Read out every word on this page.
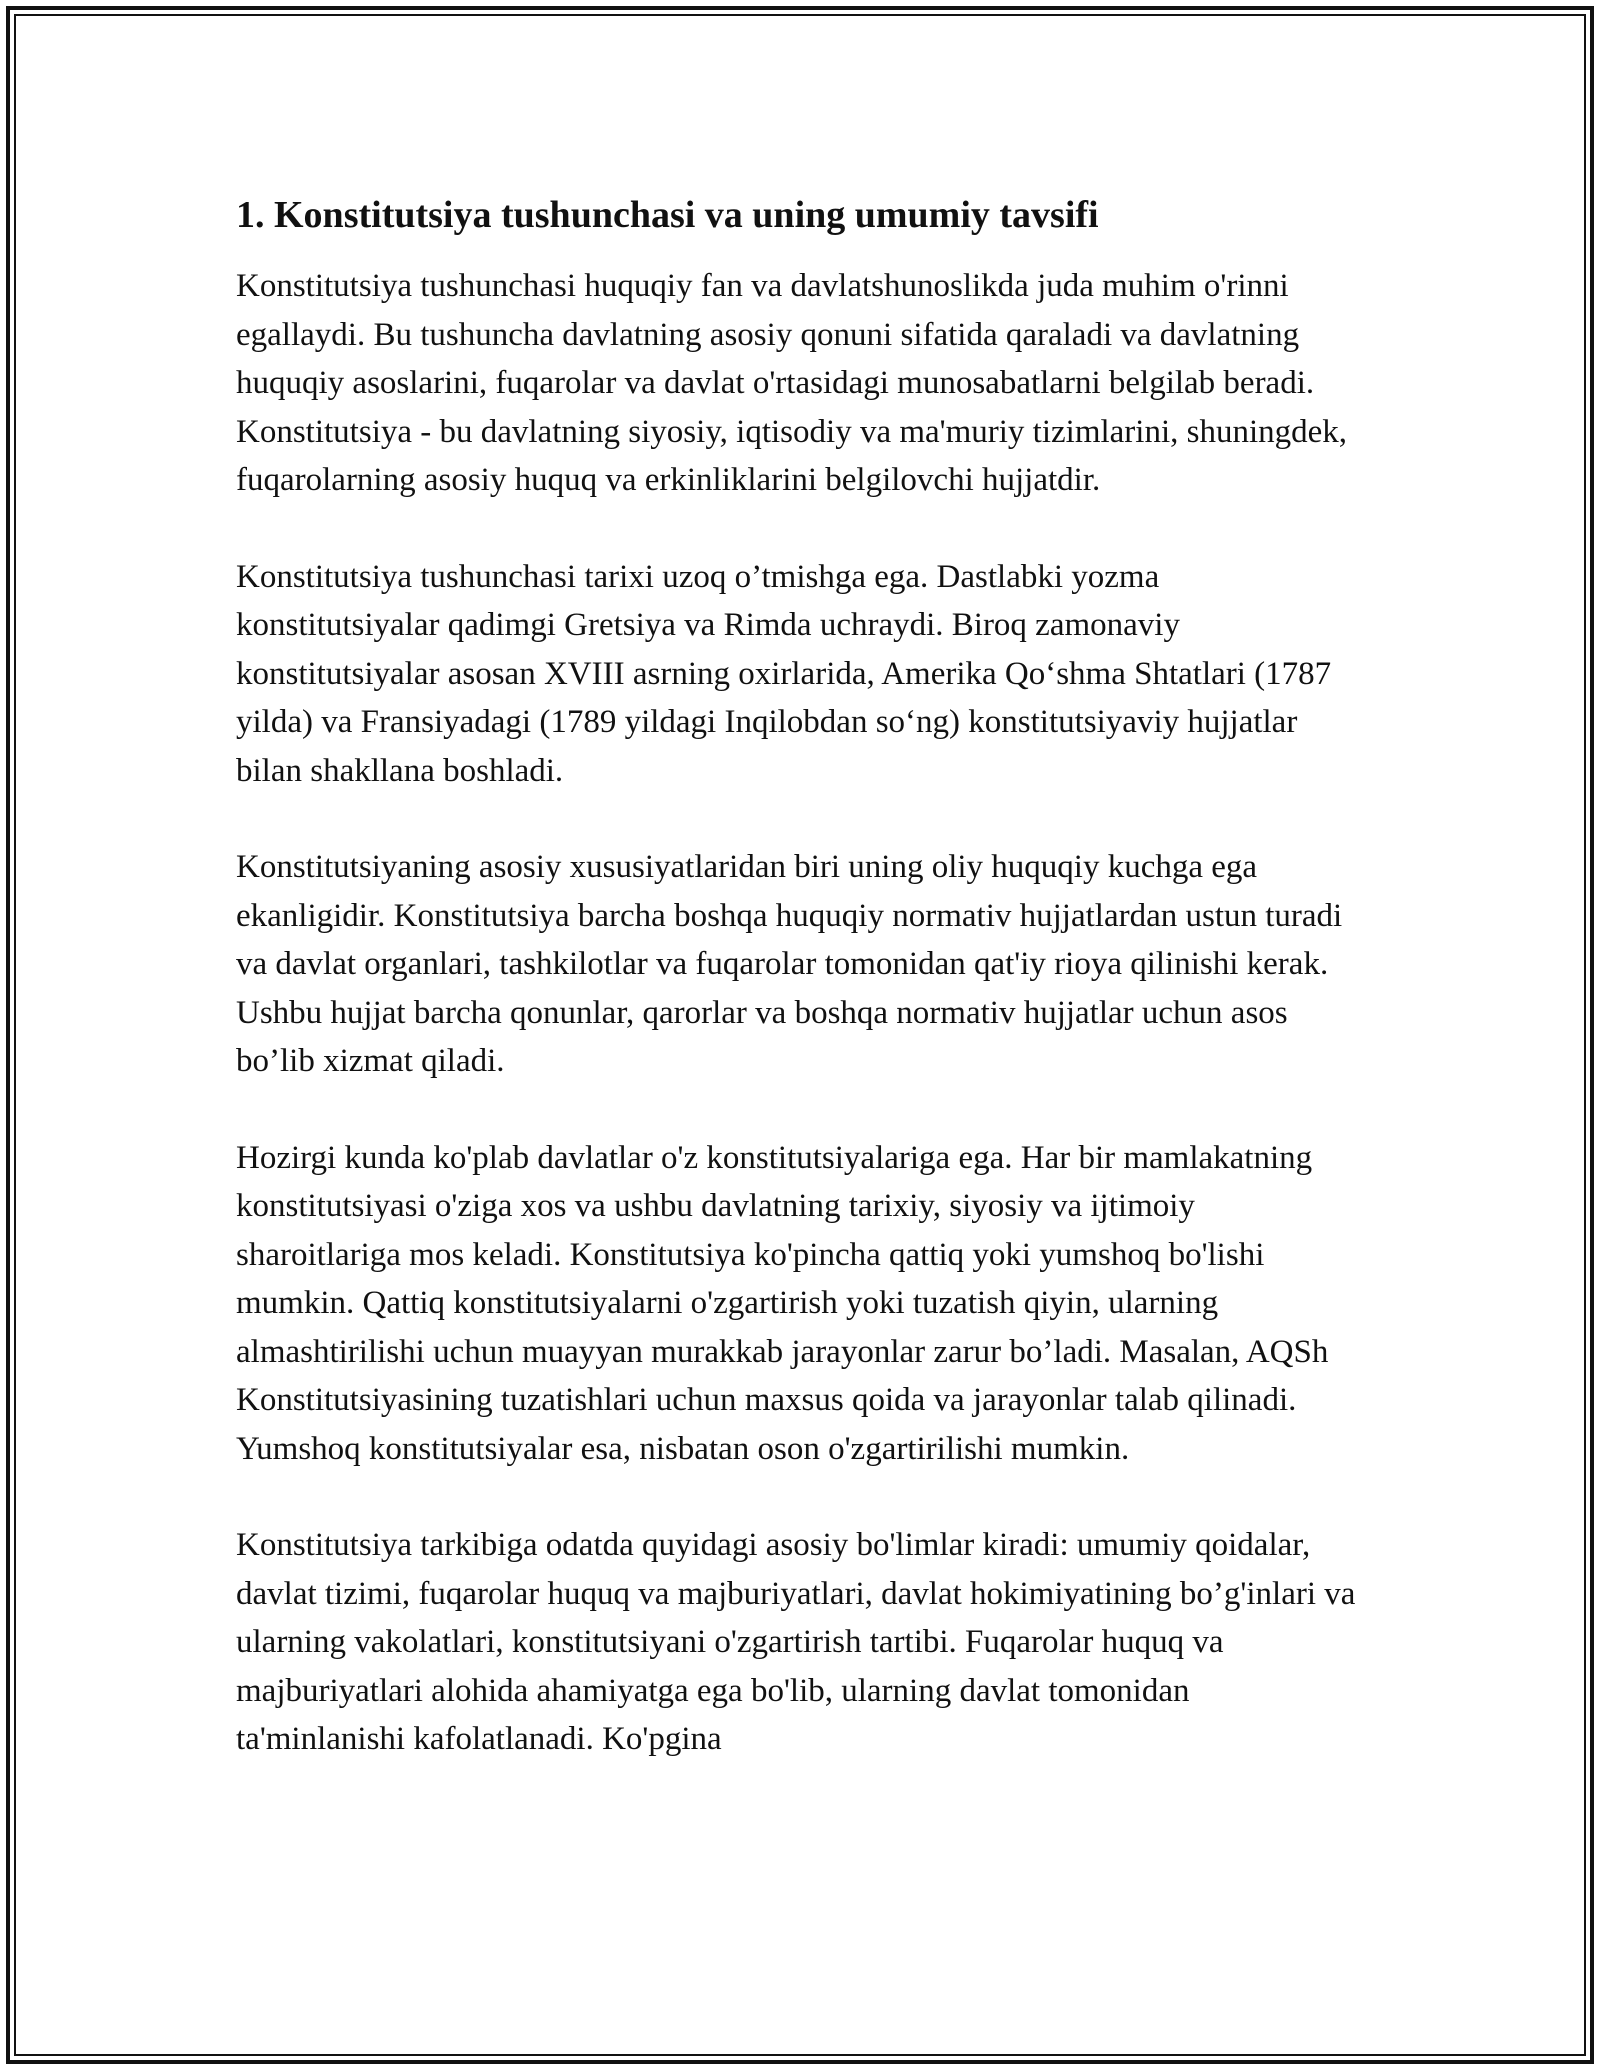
1. Konstitutsiya tushunchasi va uning umumiy tavsifi

Konstitutsiya tushunchasi huquqiy fan va davlatshunoslikda juda muhim o'rinni egallaydi. Bu tushuncha davlatning asosiy qonuni sifatida qaraladi va davlatning huquqiy asoslarini, fuqarolar va davlat o'rtasidagi munosabatlarni belgilab beradi. Konstitutsiya - bu davlatning siyosiy, iqtisodiy va ma'muriy tizimlarini, shuningdek, fuqarolarning asosiy huquq va erkinliklarini belgilovchi hujjatdir.

Konstitutsiya tushunchasi tarixi uzoq o’tmishga ega. Dastlabki yozma konstitutsiyalar qadimgi Gretsiya va Rimda uchraydi. Biroq zamonaviy konstitutsiyalar asosan XVIII asrning oxirlarida, Amerika Qo‘shma Shtatlari (1787 yilda) va Fransiyadagi (1789 yildagi Inqilobdan so‘ng) konstitutsiyaviy hujjatlar bilan shakllana boshladi.

Konstitutsiyaning asosiy xususiyatlaridan biri uning oliy huquqiy kuchga ega ekanligidir. Konstitutsiya barcha boshqa huquqiy normativ hujjatlardan ustun turadi va davlat organlari, tashkilotlar va fuqarolar tomonidan qat'iy rioya qilinishi kerak. Ushbu hujjat barcha qonunlar, qarorlar va boshqa normativ hujjatlar uchun asos bo’lib xizmat qiladi.

Hozirgi kunda ko'plab davlatlar o'z konstitutsiyalariga ega. Har bir mamlakatning konstitutsiyasi o'ziga xos va ushbu davlatning tarixiy, siyosiy va ijtimoiy sharoitlariga mos keladi. Konstitutsiya ko'pincha qattiq yoki yumshoq bo'lishi mumkin. Qattiq konstitutsiyalarni o'zgartirish yoki tuzatish qiyin, ularning almashtirilishi uchun muayyan murakkab jarayonlar zarur bo’ladi. Masalan, AQSh Konstitutsiyasining tuzatishlari uchun maxsus qoida va jarayonlar talab qilinadi. Yumshoq konstitutsiyalar esa, nisbatan oson o'zgartirilishi mumkin.

Konstitutsiya tarkibiga odatda quyidagi asosiy bo'limlar kiradi: umumiy qoidalar, davlat tizimi, fuqarolar huquq va majburiyatlari, davlat hokimiyatining bo’g'inlari va ularning vakolatlari, konstitutsiyani o'zgartirish tartibi. Fuqarolar huquq va majburiyatlari alohida ahamiyatga ega bo'lib, ularning davlat tomonidan ta'minlanishi kafolatlanadi. Ko'pgina
